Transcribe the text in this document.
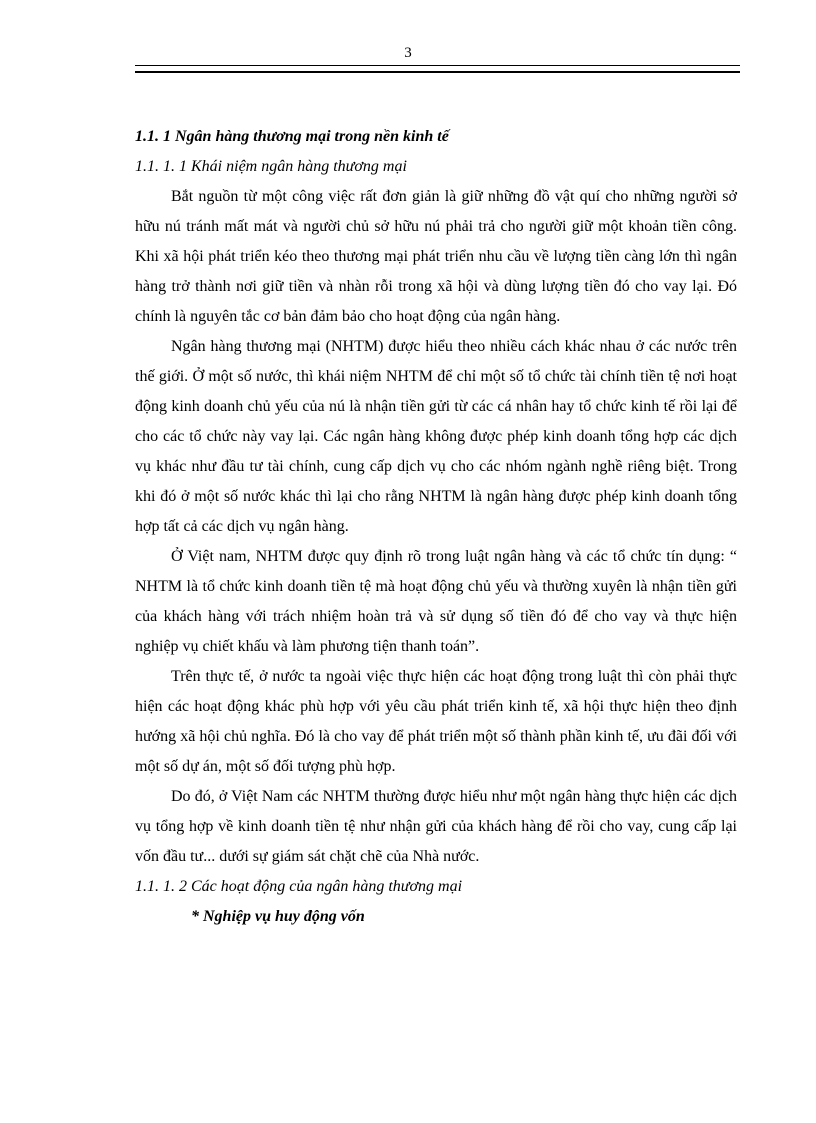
3

1.1. 1 Ngân hàng thương mại trong nền kinh tế

1.1. 1. 1 Khái niệm ngân hàng thương mại

Bắt nguồn từ một công việc rất đơn giản là giữ những đồ vật quí cho những người sở hữu nú tránh mất mát và người chủ sở hữu nú phải trả cho người giữ một khoản tiền công. Khi xã hội phát triển kéo theo thương mại phát triển nhu cầu về lượng tiền càng lớn thì ngân hàng trở thành nơi giữ tiền và nhàn rỗi trong xã hội và dùng lượng tiền đó cho vay lại. Đó chính là nguyên tắc cơ bản đảm bảo cho hoạt động của ngân hàng.

Ngân hàng thương mại (NHTM) được hiểu theo nhiều cách khác nhau ở các nước trên thế giới. Ở một số nước, thì khái niệm NHTM để chỉ một số tổ chức tài chính tiền tệ nơi hoạt động kinh doanh chủ yếu của nú là nhận tiền gửi từ các cá nhân hay tổ chức kinh tế rồi lại để cho các tổ chức này vay lại. Các ngân hàng không được phép kinh doanh tổng hợp các dịch vụ khác như đầu tư tài chính, cung cấp dịch vụ cho các nhóm ngành nghề riêng biệt. Trong khi đó ở một số nước khác thì lại cho rằng NHTM là ngân hàng được phép kinh doanh tổng hợp tất cả các dịch vụ ngân hàng.

Ở Việt nam, NHTM được quy định rõ trong luật ngân hàng và các tổ chức tín dụng: “ NHTM là tổ chức kinh doanh tiền tệ mà hoạt động chủ yếu và thường xuyên là nhận tiền gửi của khách hàng với trách nhiệm hoàn trả và sử dụng số tiền đó để cho vay và thực hiện nghiệp vụ chiết khấu và làm phương tiện thanh toán”.

Trên thực tế, ở nước ta ngoài việc thực hiện các hoạt động trong luật thì còn phải thực hiện các hoạt động khác phù hợp với yêu cầu phát triển kinh tế, xã hội thực hiện theo định hướng xã hội chủ nghĩa. Đó là cho vay để phát triển một số thành phần kinh tế, ưu đãi đối với một số dự án, một số đối tượng phù hợp.

Do đó, ở Việt Nam các NHTM thường được hiểu như một ngân hàng thực hiện các dịch vụ tổng hợp về kinh doanh tiền tệ như nhận gửi của khách hàng để rồi cho vay, cung cấp lại vốn đầu tư... dưới sự giám sát chặt chẽ của Nhà nước.

1.1. 1. 2 Các hoạt động của ngân hàng thương mại

* Nghiệp vụ huy động vốn
